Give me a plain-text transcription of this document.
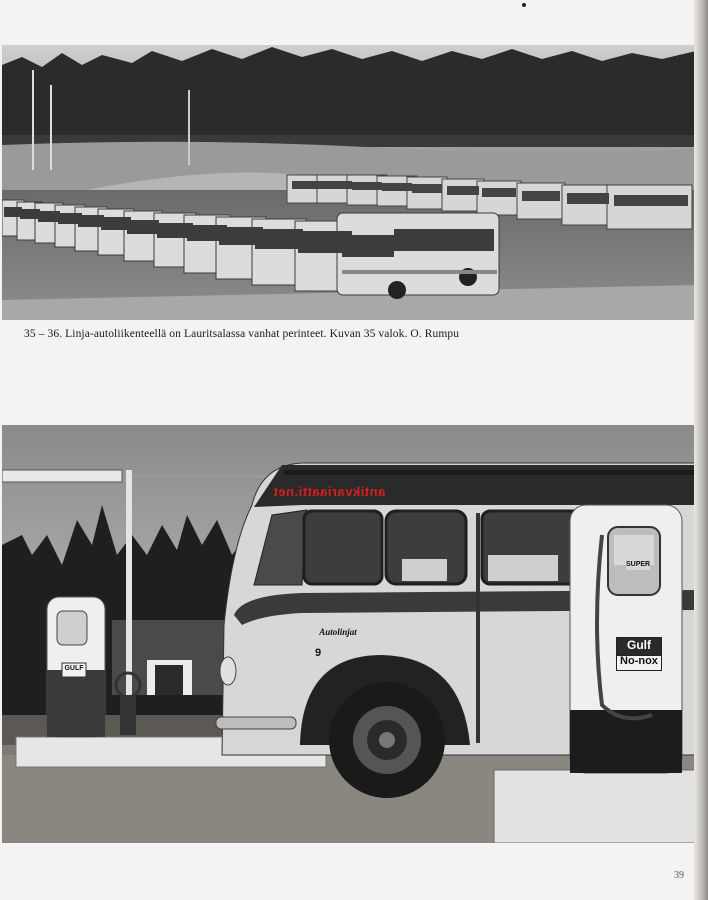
35 – 36. Linja-autoliikenteellä on Lauritsalassa vanhat perinteet. Kuvan 35 valok. O. Rumpu
Gulf
No-nox
SUPER
GULF
Autolinjat
9
antikvariaatti.net
39
